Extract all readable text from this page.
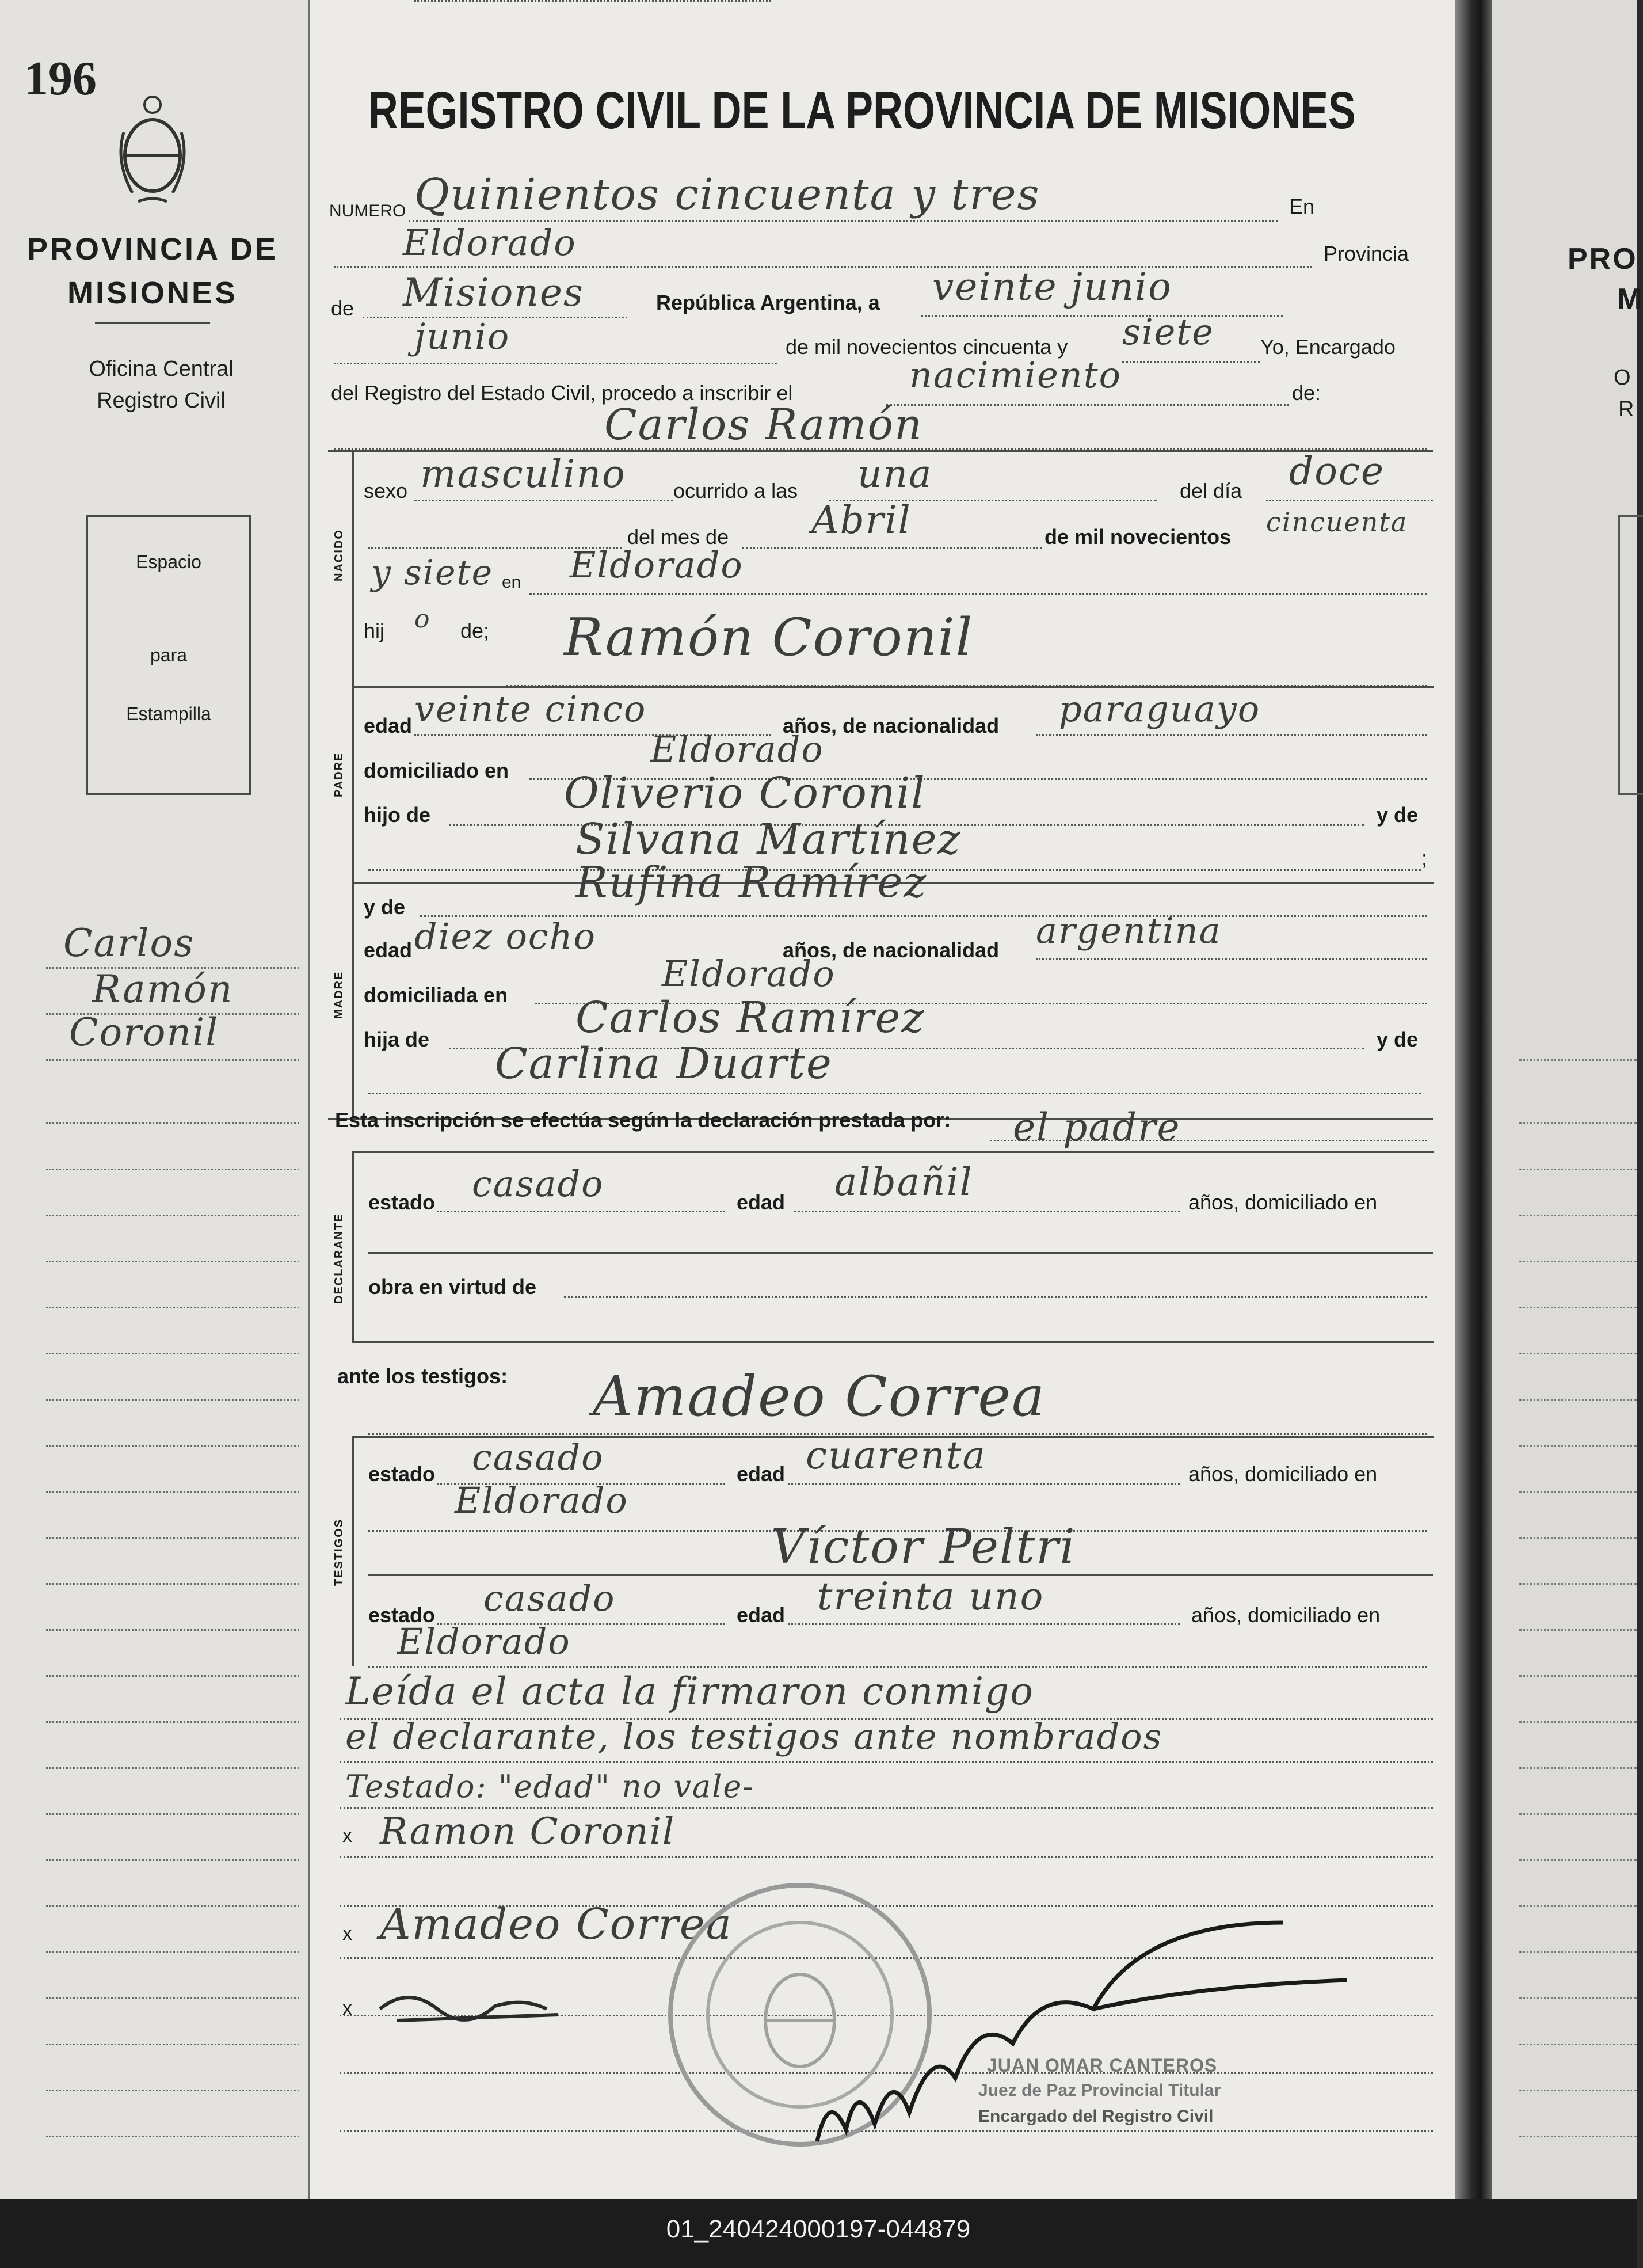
196
PROVINCIA DE MISIONES
Oficina Central
Registro Civil
Espacio
para
Estampilla
Carlos
Ramón
Coronil
REGISTRO CIVIL DE LA PROVINCIA DE MISIONES
NUMERO Quinientos cincuenta y tres	En
Eldorado	Provincia
de Misiones	República Argentina, a veinte junio
junio	de mil novecientos cincuenta y siete Yo, Encargado
del Registro del Estado Civil, procedo a inscribir el	nacimiento	de:
Carlos Ramón
NACIDO
sexo masculino ocurrido a las una	del día doce
del mes de Abril	de mil novecientos cincuenta
y siete en Eldorado
hij o de; Ramón Coronil
PADRE
edad veinte cinco	años, de nacionalidad paraguayo
domiciliado en
Eldorado
hijo de	Oliverio Coronil	y de
Silvana Martínez	;
MADRE
y de	Rufina Ramírez
edad diez ocho	años, de nacionalidad argentina
domiciliada en
Eldorado
hija de	Carlos Ramírez	y de
Carlina Duarte
Esta inscripción se efectúa según la declaración prestada por: el padre
DECLARANTE
estado casado	edad albañil	años, domiciliado en
obra en virtud de
ante los testigos: Amadeo Correa
TESTIGOS
estado casado	edad cuarenta	años, domiciliado en
Eldorado
Víctor Peltri
estado casado	edad treinta uno	años, domiciliado en
Eldorado
Leída el acta la firmaron conmigo
el declarante, los testigos ante nombrados
Testado: "edad" no vale-
x Ramon Coronil
x Amadeo Correa
x
JUAN OMAR CANTEROS
Juez de Paz Provincial Titular
Encargado del Registro Civil
PRO
M
O
R
01_240424000197-044879
